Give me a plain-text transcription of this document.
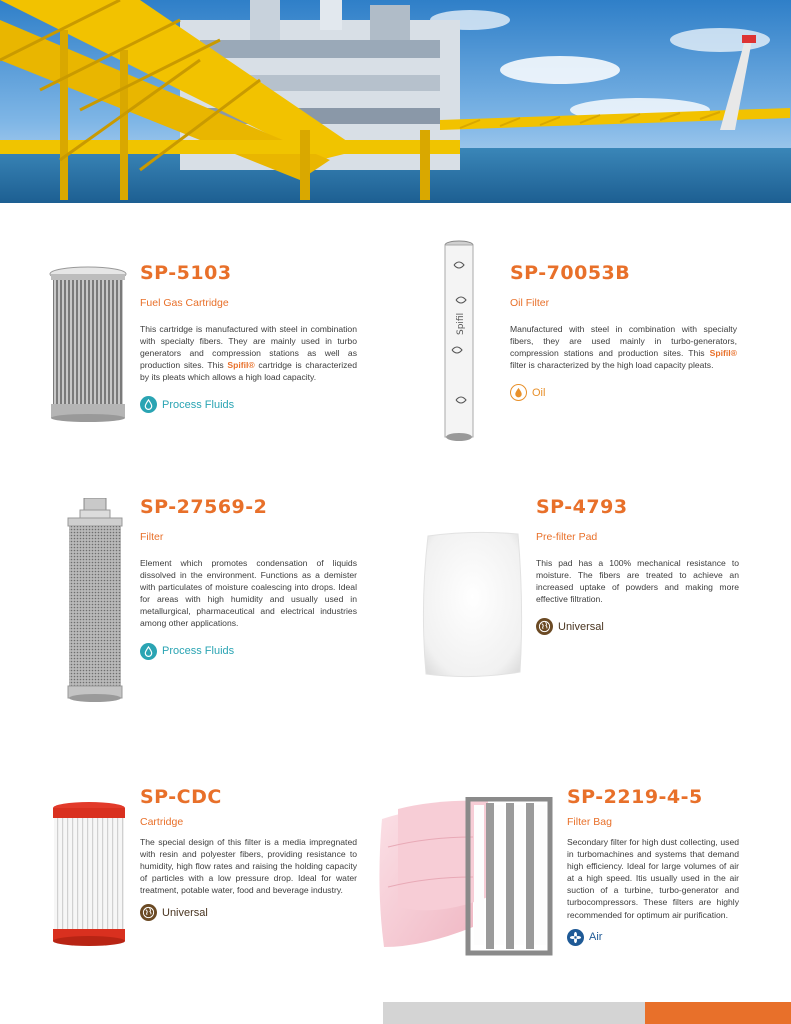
SP-5103
Fuel Gas Cartridge
This cartridge is manufactured with steel in combination with specialty fibers. They are mainly used in turbo generators and compression stations as well as production sites. This Spifil® cartridge is characterized by its pleats which allows a high load capacity.
Process Fluids
Spifil
SP-70053B
Oil Filter
Manufactured with steel in combination with specialty fibers, they are used mainly in turbo-generators, compression stations and production sites. This Spifil® filter is characterized by the high load capacity pleats.
Oil
SP-27569-2
Filter
Element which promotes condensation of liquids dissolved in the environment. Functions as a demister with particulates of moisture coalescing into drops. Ideal for areas with high humidity and usually used in metallurgical, pharmaceutical and electrical industries among other applications.
Process Fluids
SP-4793
Pre-filter Pad
This pad has a 100% mechanical resistance to moisture. The fibers are treated to achieve an increased uptake of powders and making more effective filtration.
Universal
SP-CDC
Cartridge
The special design of this filter is a media impregnated with resin and polyester fibers, providing resistance to humidity, high flow rates and raising the holding capacity of particles with a low pressure drop. Ideal for water treatment, potable water, food and beverage industry.
Universal
SP-2219-4-5
Filter Bag
Secondary filter for high dust collecting, used in turbomachines and systems that demand high efficiency. Ideal for large volumes of air at a high speed. Itis usually used in the air suction of a turbine, turbo-generator and turbocompressors. These filters are highly recommended for optimum air purification.
Air
